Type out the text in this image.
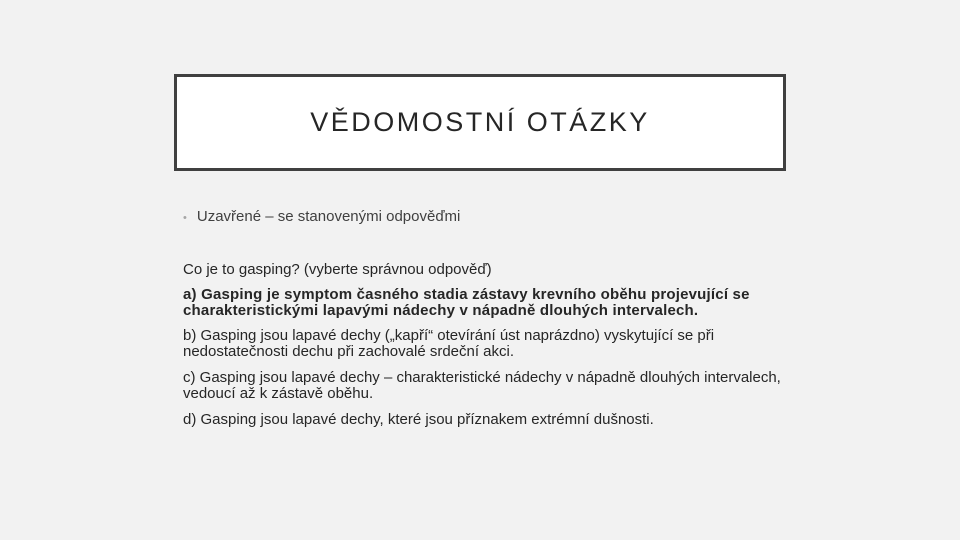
VĚDOMOSTNÍ OTÁZKY
• Uzavřené – se stanovenými odpověďmi
Co je to gasping? (vyberte správnou odpověď)
a) Gasping je symptom časného stadia zástavy krevního oběhu projevující se charakteristickými lapavými nádechy v nápadně dlouhých intervalech.
b) Gasping jsou lapavé dechy („kapří“ otevírání úst naprázdno) vyskytující se při nedostatečnosti dechu při zachovalé srdeční akci.
c) Gasping jsou lapavé dechy – charakteristické nádechy v nápadně dlouhých intervalech, vedoucí až k zástavě oběhu.
d) Gasping jsou lapavé dechy, které jsou příznakem extrémní dušnosti.
